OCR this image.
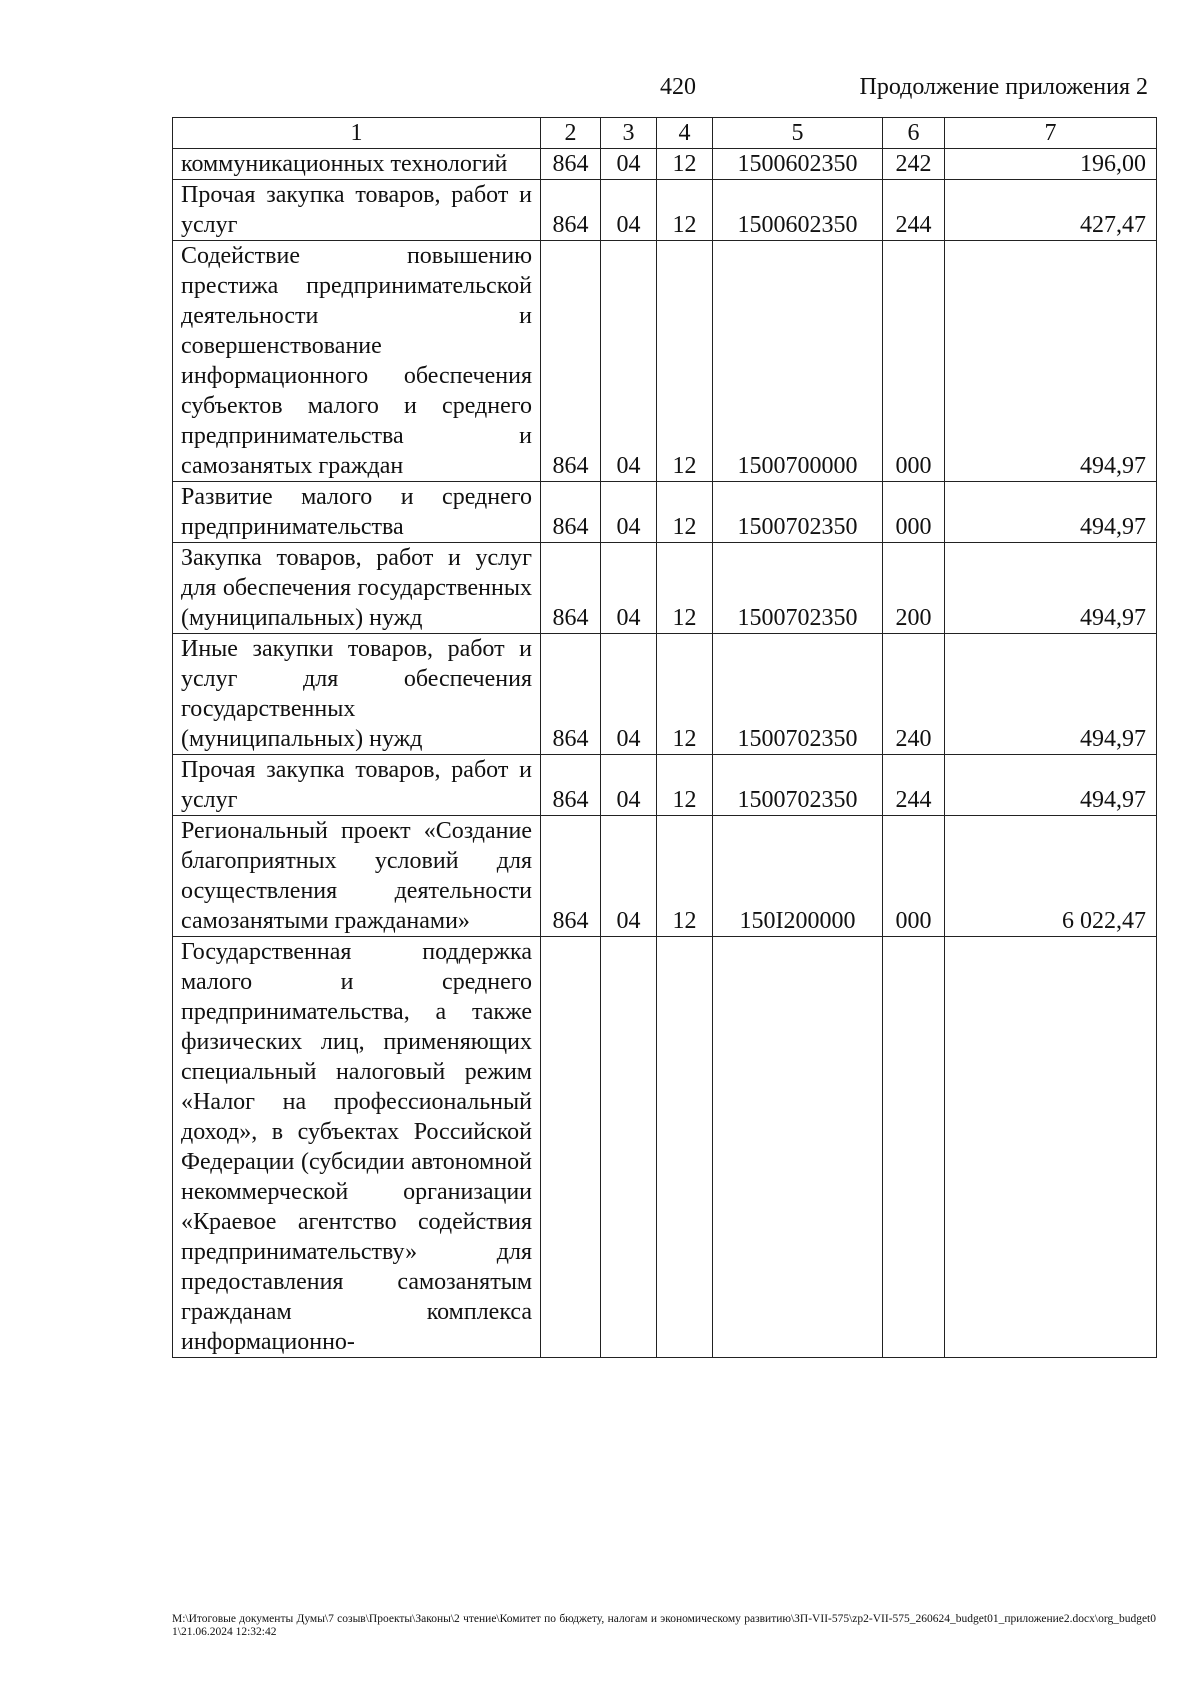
420	Продолжение приложения 2
1	2	3	4	5	6	7
коммуникационных технологий	864	04	12	1500602350	242	196,00
Прочая закупка товаров, работ и услуг	864	04	12	1500602350	244	427,47
Содействие повышению престижа предпринимательской деятельности и совершенствование информационного обеспечения субъектов малого и среднего предпринимательства и самозанятых граждан	864	04	12	1500700000	000	494,97
Развитие малого и среднего предпринимательства	864	04	12	1500702350	000	494,97
Закупка товаров, работ и услуг для обеспечения государственных (муниципальных) нужд	864	04	12	1500702350	200	494,97
Иные закупки товаров, работ и услуг для обеспечения государственных (муниципальных) нужд	864	04	12	1500702350	240	494,97
Прочая закупка товаров, работ и услуг	864	04	12	1500702350	244	494,97
Региональный проект «Создание благоприятных условий для осуществления деятельности самозанятыми гражданами»	864	04	12	150I200000	000	6 022,47
Государственная поддержка малого и среднего предпринимательства, а также физических лиц, применяющих специальный налоговый режим «Налог на профессиональный доход», в субъектах Российской Федерации (субсидии автономной некоммерческой организации «Краевое агентство содействия предпринимательству» для предоставления самозанятым гражданам комплекса информационно-						
M:\Итоговые документы Думы\7 созыв\Проекты\Законы\2 чтение\Комитет по бюджету, налогам и экономическому развитию\ЗП-VII-575\zp2-VII-575_260624_budget01_приложение2.docx\org_budget01\21.06.2024 12:32:42
